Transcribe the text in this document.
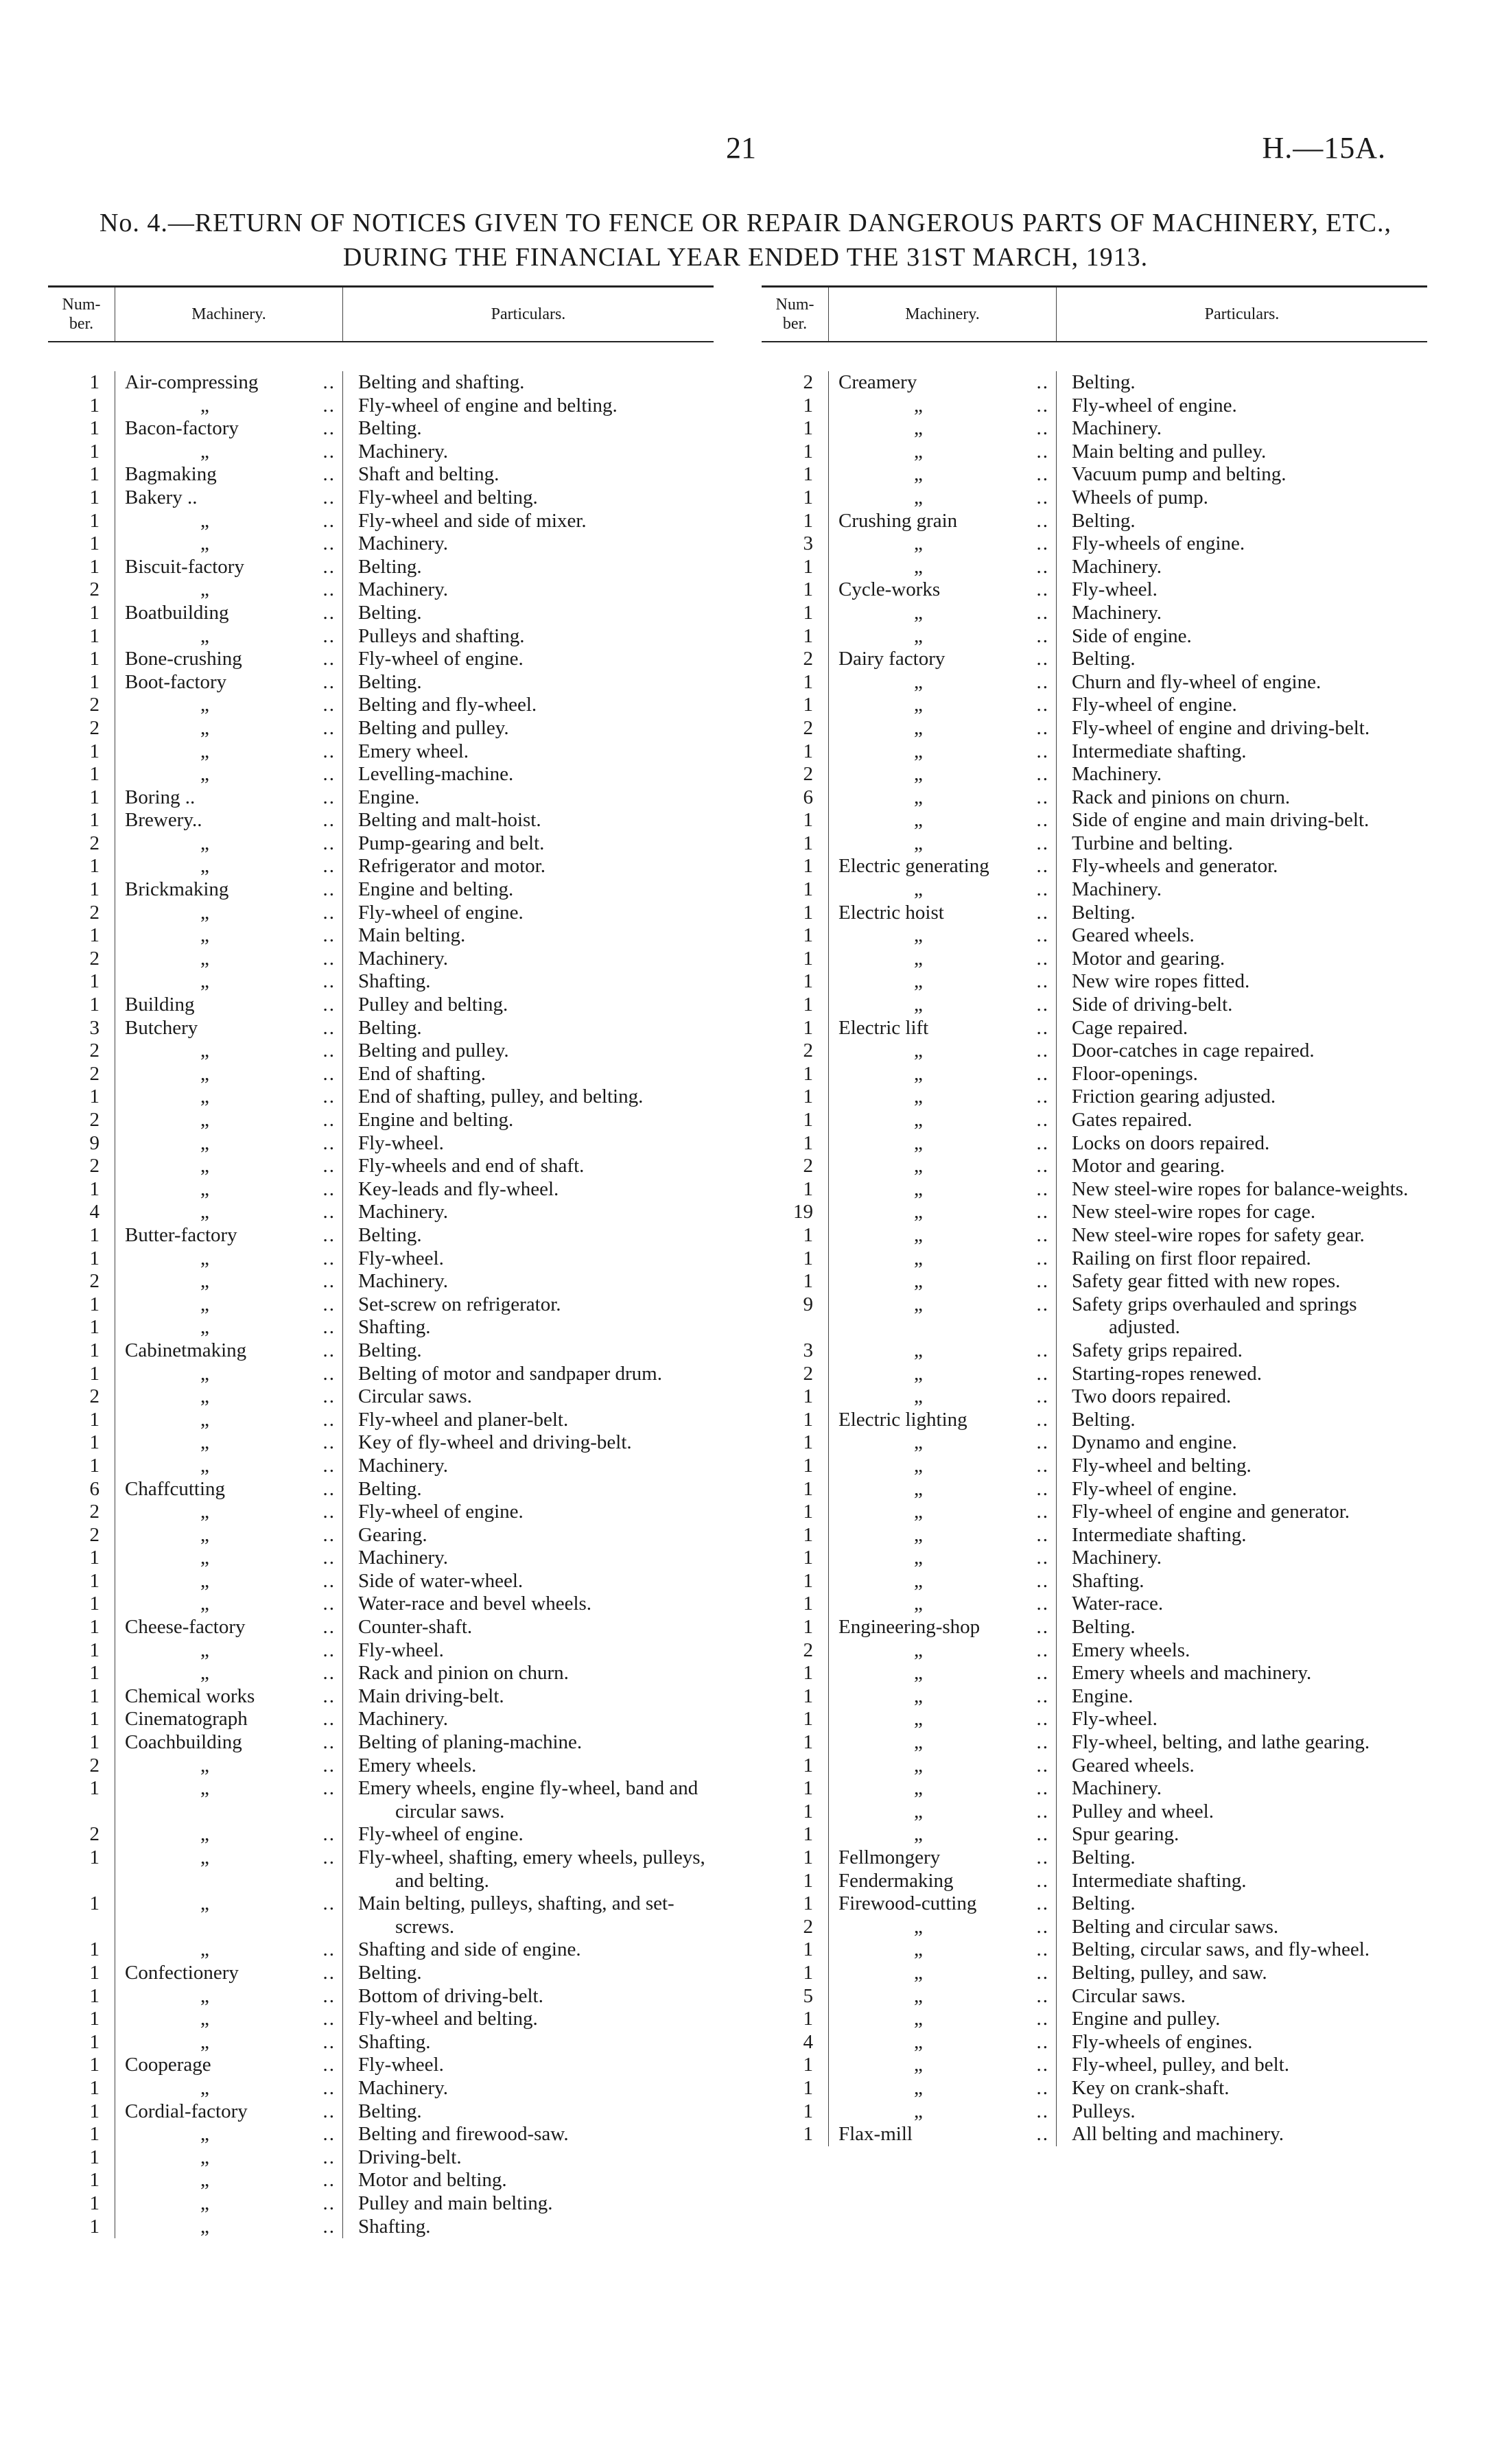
21	H.—15A.
No. 4.—RETURN OF NOTICES GIVEN TO FENCE OR REPAIR DANGEROUS PARTS OF MACHINERY, ETC.,
DURING THE FINANCIAL YEAR ENDED THE 31ST MARCH, 1913.
Num-
ber.
Machinery.	Particulars.
1	Air-compressing	.. Belting and shafting.
1	„	.. Fly-wheel of engine and belting.
1	Bacon-factory	.. Belting.
1	„	.. Machinery.
1	Bagmaking	.. Shaft and belting.
1	Bakery ..	.. Fly-wheel and belting.
1	„	.. Fly-wheel and side of mixer.
1	„	.. Machinery.
1	Biscuit-factory	.. Belting.
2	„	.. Machinery.
1	Boatbuilding	.. Belting.
1	„	.. Pulleys and shafting.
1	Bone-crushing	.. Fly-wheel of engine.
1	Boot-factory	.. Belting.
2	„	.. Belting and fly-wheel.
2	„	.. Belting and pulley.
1	„	.. Emery wheel.
1	„	.. Levelling-machine.
1	Boring ..	.. Engine.
1	Brewery..	.. Belting and malt-hoist.
2	„	.. Pump-gearing and belt.
1	„	.. Refrigerator and motor.
1	Brickmaking	.. Engine and belting.
2	„	.. Fly-wheel of engine.
1	„	.. Main belting.
2	„	.. Machinery.
1	„	.. Shafting.
1	Building	.. Pulley and belting.
3	Butchery	.. Belting.
2	„	.. Belting and pulley.
2	„	.. End of shafting.
1	„	.. End of shafting, pulley, and belting.
2	„	.. Engine and belting.
9	„	.. Fly-wheel.
2	„	.. Fly-wheels and end of shaft.
1	„	.. Key-leads and fly-wheel.
4	„	.. Machinery.
1	Butter-factory	.. Belting.
1	„	.. Fly-wheel.
2	„	.. Machinery.
1	„	.. Set-screw on refrigerator.
1	„	.. Shafting.
1	Cabinetmaking	.. Belting.
1	„	.. Belting of motor and sandpaper drum.
2	„	.. Circular saws.
1	„	.. Fly-wheel and planer-belt.
1	„	.. Key of fly-wheel and driving-belt.
1	„	.. Machinery.
6	Chaffcutting	.. Belting.
2	„	.. Fly-wheel of engine.
2	„	.. Gearing.
1	„	.. Machinery.
1	„	.. Side of water-wheel.
1	„	.. Water-race and bevel wheels.
1	Cheese-factory	.. Counter-shaft.
1	„	.. Fly-wheel.
1	„	.. Rack and pinion on churn.
1	Chemical works	.. Main driving-belt.
1	Cinematograph	.. Machinery.
1	Coachbuilding	.. Belting of planing-machine.
2	„	.. Emery wheels.
1	„	.. Emery wheels, engine fly-wheel, band and circular saws.
2	„	.. Fly-wheel of engine.
1	„	.. Fly-wheel, shafting, emery wheels, pulleys, and belting.
1	„	.. Main belting, pulleys, shafting, and set-screws.
1	„	.. Shafting and side of engine.
1	Confectionery	.. Belting.
1	„	.. Bottom of driving-belt.
1	„	.. Fly-wheel and belting.
1	„	.. Shafting.
1	Cooperage	.. Fly-wheel.
1	„	.. Machinery.
1	Cordial-factory	.. Belting.
1	„	.. Belting and firewood-saw.
1	„	.. Driving-belt.
1	„	.. Motor and belting.
1	„	.. Pulley and main belting.
1	„	.. Shafting.
Num-
ber.
Machinery.	Particulars.
2	Creamery	.. Belting.
1	„	.. Fly-wheel of engine.
1	„	.. Machinery.
1	„	.. Main belting and pulley.
1	„	.. Vacuum pump and belting.
1	„	.. Wheels of pump.
1	Crushing grain	.. Belting.
3	„	.. Fly-wheels of engine.
1	„	.. Machinery.
1	Cycle-works	.. Fly-wheel.
1	„	.. Machinery.
1	„	.. Side of engine.
2	Dairy factory	.. Belting.
1	„	.. Churn and fly-wheel of engine.
1	„	.. Fly-wheel of engine.
2	„	.. Fly-wheel of engine and driving-belt.
1	„	.. Intermediate shafting.
2	„	.. Machinery.
6	„	.. Rack and pinions on churn.
1	„	.. Side of engine and main driving-belt.
1	„	.. Turbine and belting.
1	Electric generating .. Fly-wheels and generator.
1	„	.. Machinery.
1	Electric hoist	.. Belting.
1	„	.. Geared wheels.
1	„	.. Motor and gearing.
1	„	.. New wire ropes fitted.
1	„	.. Side of driving-belt.
1	Electric lift	.. Cage repaired.
2	„	.. Door-catches in cage repaired.
1	„	.. Floor-openings.
1	„	.. Friction gearing adjusted.
1	„	.. Gates repaired.
1	„	.. Locks on doors repaired.
2	„	.. Motor and gearing.
1	„	.. New steel-wire ropes for balance-weights.
19	„	.. New steel-wire ropes for cage.
1	„	.. New steel-wire ropes for safety gear.
1	„	.. Railing on first floor repaired.
1	„	.. Safety gear fitted with new ropes.
9	„	.. Safety grips overhauled and springs adjusted.
3	„	.. Safety grips repaired.
2	„	.. Starting-ropes renewed.
1	„	.. Two doors repaired.
1	Electric lighting	.. Belting.
1	„	.. Dynamo and engine.
1	„	.. Fly-wheel and belting.
1	„	.. Fly-wheel of engine.
1	„	.. Fly-wheel of engine and generator.
1	„	.. Intermediate shafting.
1	„	.. Machinery.
1	„	.. Shafting.
1	„	.. Water-race.
1	Engineering-shop	.. Belting.
2	„	.. Emery wheels.
1	„	.. Emery wheels and machinery.
1	„	.. Engine.
1	„	.. Fly-wheel.
1	„	.. Fly-wheel, belting, and lathe gearing.
1	„	.. Geared wheels.
1	„	.. Machinery.
1	„	.. Pulley and wheel.
1	„	.. Spur gearing.
1	Fellmongery	.. Belting.
1	Fendermaking	.. Intermediate shafting.
1	Firewood-cutting	.. Belting.
2	„	.. Belting and circular saws.
1	„	.. Belting, circular saws, and fly-wheel.
1	„	.. Belting, pulley, and saw.
5	„	.. Circular saws.
1	„	.. Engine and pulley.
4	„	.. Fly-wheels of engines.
1	„	.. Fly-wheel, pulley, and belt.
1	„	.. Key on crank-shaft.
1	„	.. Pulleys.
1	Flax-mill	.. All belting and machinery.
